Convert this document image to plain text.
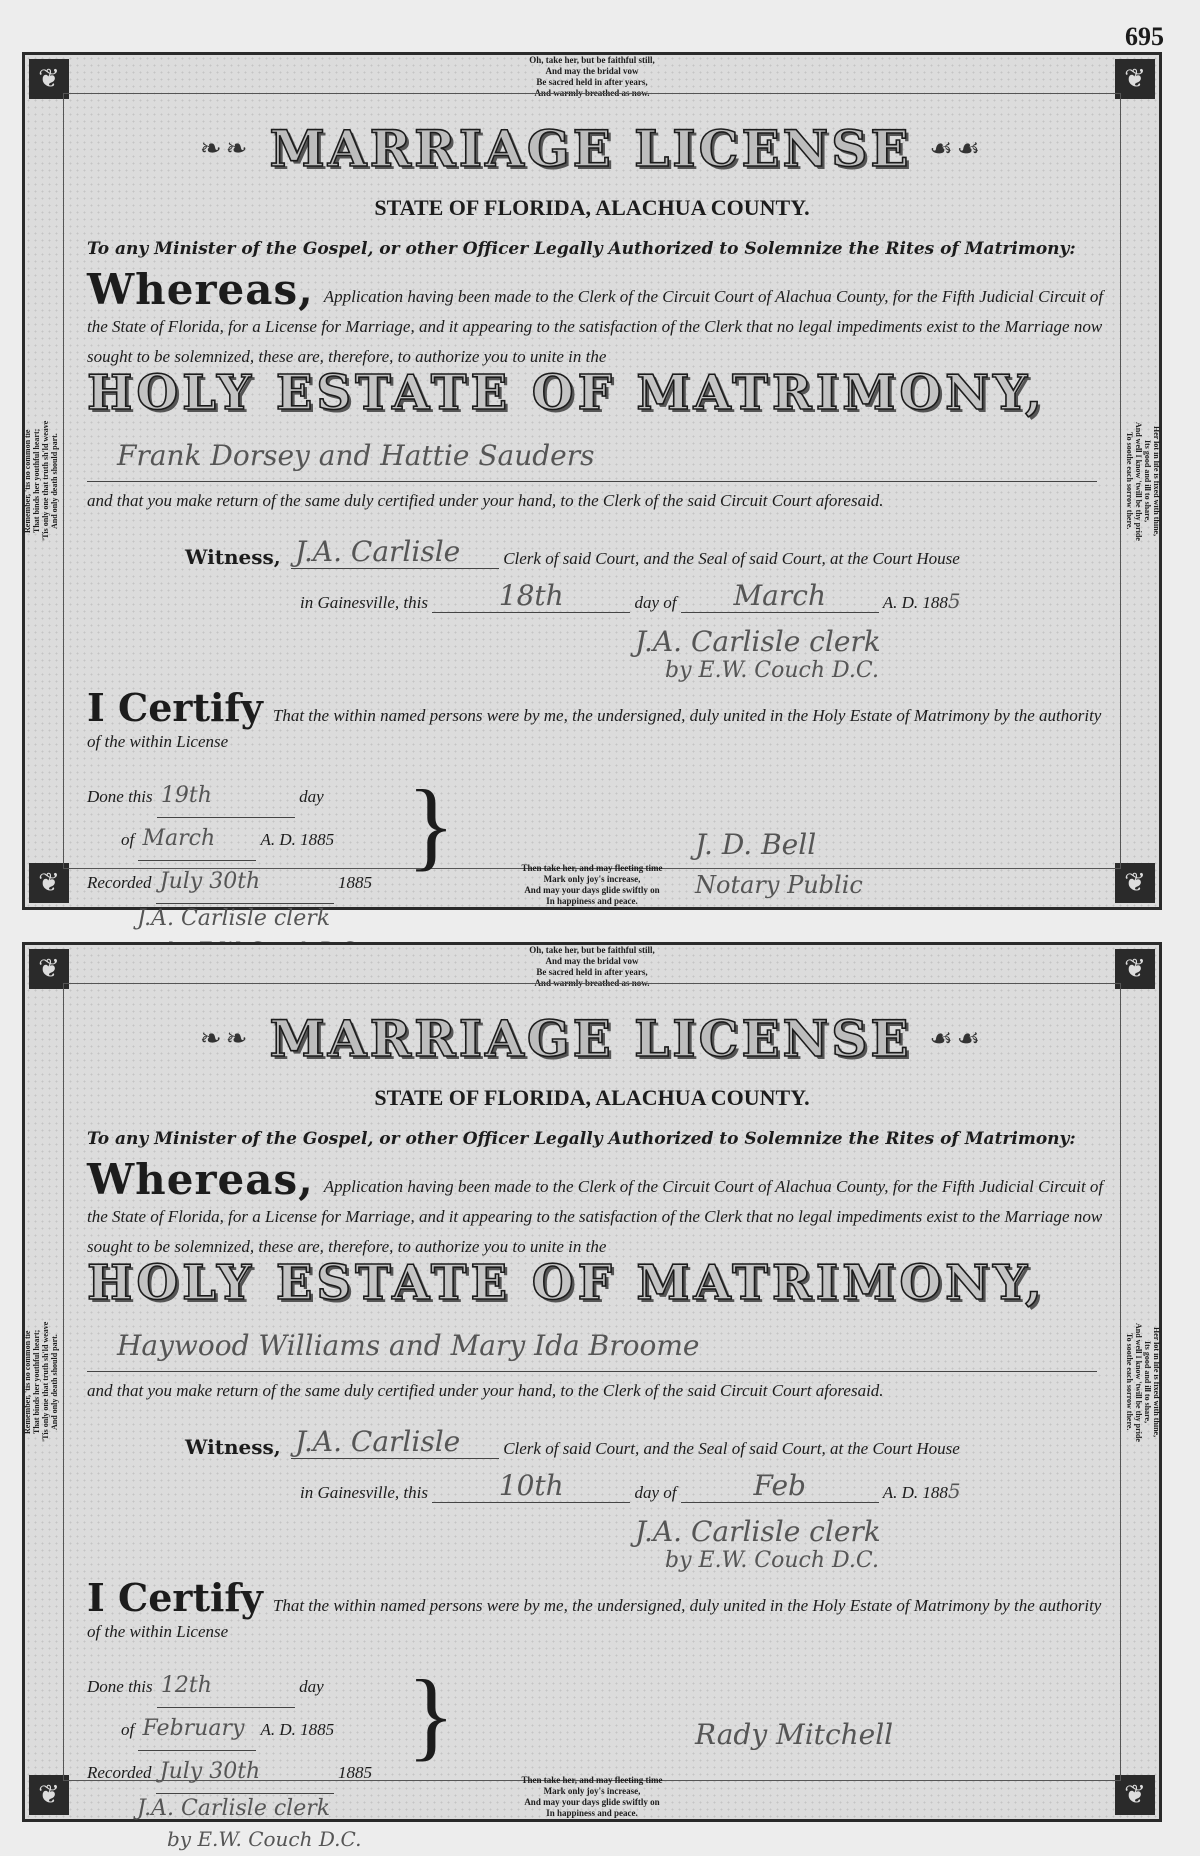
695
❦	❦
❦	❦
Oh, take her, but be faithful still,
And may the bridal vow
Be sacred held in after years,
And warmly breathed as now.
Remember, 'tis no common tie That binds her youthful heart; 'Tis only one that truth sh'ld weave And only death should part.	Her lot in life is fixed with thine,
Its good and ill to share,
And well I know 'twill be thy pride
To soothe each sorrow there.
❧❧ MARRIAGE LICENSE ☙☙
STATE OF FLORIDA, ALACHUA COUNTY.
To any Minister of the Gospel, or other Officer Legally Authorized to Solemnize the Rites of Matrimony:
Whereas, Application having been made to the Clerk of the Circuit Court of Alachua County, for the Fifth Judicial Circuit of the State of Florida, for a License for Marriage, and it appearing to the satisfaction of the Clerk that no legal impediments exist to the Marriage now sought to be solemnized, these are, therefore, to authorize you to unite in the
HOLY ESTATE OF MATRIMONY,
Frank Dorsey and Hattie Sauders
and that you make return of the same duly certified under your hand, to the Clerk of the said Circuit Court aforesaid.
Witness, J.A. Carlisle	Clerk of said Court, and the Seal of said Court, at the Court House
in Gainesville, this	18th	day of March	A. D. 1885
J.A. Carlisle clerk
by E.W. Couch D.C.
I Certify That the within named persons were by me, the undersigned, duly united in the Holy Estate of Matrimony by the authority of the within License
Done this 19th	day
of March	A. D. 1885
Recorded July 30th	1885
J.A. Carlisle clerk
}	J. D. Bell
Notary Public
Then take her, and may fleeting time
Mark only joy's increase,
And may your days glide swiftly on
In happiness and peace.
❦	❦
❦	❦
Oh, take her, but be faithful still,
And may the bridal vow
Be sacred held in after years,
And warmly breathed as now.
Remember, 'tis no common tie That binds her youthful heart; 'Tis only one that truth sh'ld weave And only death should part.	Her lot in life is fixed with thine,
Its good and ill to share,
And well I know 'twill be thy pride
To soothe each sorrow there.
❧❧ MARRIAGE LICENSE ☙☙
STATE OF FLORIDA, ALACHUA COUNTY.
To any Minister of the Gospel, or other Officer Legally Authorized to Solemnize the Rites of Matrimony:
Whereas, Application having been made to the Clerk of the Circuit Court of Alachua County, for the Fifth Judicial Circuit of the State of Florida, for a License for Marriage, and it appearing to the satisfaction of the Clerk that no legal impediments exist to the Marriage now sought to be solemnized, these are, therefore, to authorize you to unite in the
HOLY ESTATE OF MATRIMONY,
Haywood Williams and Mary Ida Broome
and that you make return of the same duly certified under your hand, to the Clerk of the said Circuit Court aforesaid.
Witness, J.A. Carlisle	Clerk of said Court, and the Seal of said Court, at the Court House
in Gainesville, this	10th	day of	Feb	A. D. 1885
J.A. Carlisle clerk
by E.W. Couch D.C.
I Certify That the within named persons were by me, the undersigned, duly united in the Holy Estate of Matrimony by the authority of the within License
Done this 12th	day
of February A. D. 1885
Recorded July 30th	1885
J.A. Carlisle clerk
by E.W. Couch D.C.
}	Rady Mitchell
Then take her, and may fleeting time
Mark only joy's increase,
And may your days glide swiftly on
In happiness and peace.
